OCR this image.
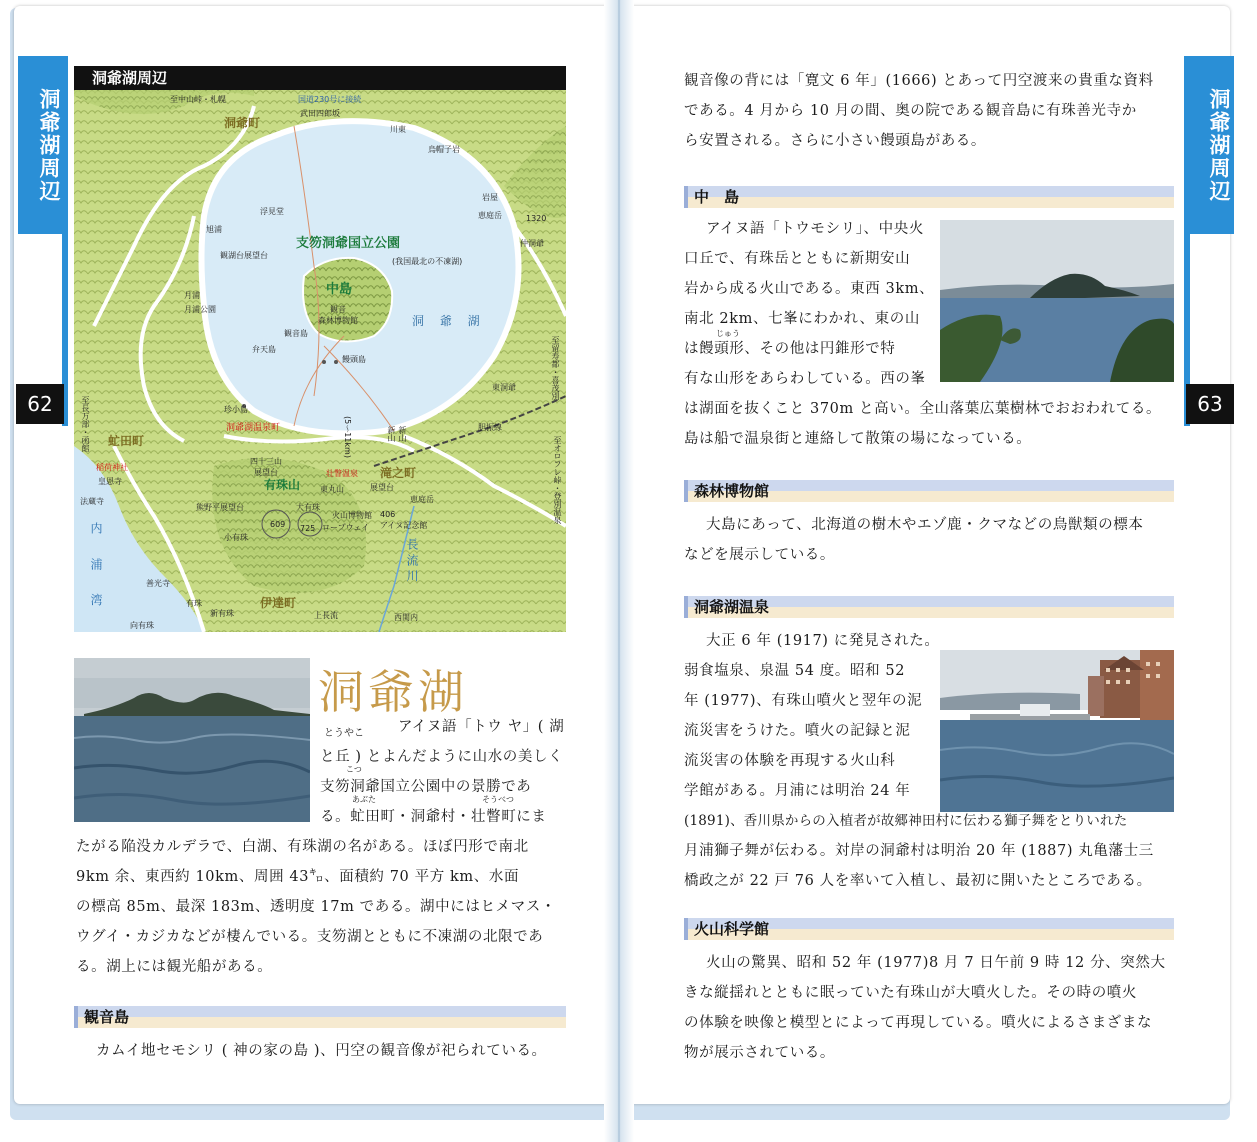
洞爺湖周辺	洞爺湖周辺
62	63
洞爺湖周辺
至中山峠・札幌	国道230号に接続
武田四郎坂
洞爺町	川東
烏帽子岩
岩屋
恵庭岳	1320
仲洞爺
浮見堂
旭浦
観湖台展望台
支笏洞爺国立公園
(我国最北の不凍湖)
中島
観音
森林博物館	洞 爺 湖
月浦
月浦公園
観音島
弁天島
饅頭島
珍小島
東洞爺
洞爺湖温泉町	(5〜11km)	新山
新山
虻田町
至長万部・函館
至留寿都・喜茂別
至オロフレ峠・登別温泉
胆振線
四十三山
展望台	壮瞥温泉 滝之町
稲荷神社
皇恩寺
法蔵寺
有珠山 東丸山	展望台
熊野平展望台	大有珠
火山博物館
恵庭岳
406
アイヌ記念館
609 725 ロープウェイ
小有珠
長 流 川
内 浦 湾	善光寺
伊達町
有珠
新有珠
向有珠
上長流	西関内
洞爺湖
とうやこ アイヌ語「トウ ヤ」( 湖
と丘 ) とよんだように山水の美しく
支笏洞爺国立公園中の景勝であ
る。虻田町・洞爺村・壮瞥町にま
たがる陥没カルデラで、白湖、有珠湖の名がある。ほぼ円形で南北
9km 余、東西約 10km、周囲 43㌔、面積約 70 平方 km、水面
の標高 85m、最深 183m、透明度 17m である。湖中にはヒメマス・
ウグイ・カジカなどが棲んでいる。支笏湖とともに不凍湖の北限であ
る。湖上には観光船がある。
こつ
あぶた	そうべつ
観音島
カムイ地セモシリ ( 神の家の島 )、円空の観音像が祀られている。
観音像の背には「寛文 6 年」(1666) とあって円空渡来の貴重な資料
である。4 月から 10 月の間、奥の院である観音島に有珠善光寺か
ら安置される。さらに小さい饅頭島がある。
中　島
アイヌ語「トウモシリ」、中央火
口丘で、有珠岳とともに新期安山
岩から成る火山である。東西 3km、
南北 2km、七峯にわかれ、東の山
は饅頭形、その他は円錐形で特
有な山形をあらわしている。西の峯
は湖面を抜くこと 370m と高い。全山落葉広葉樹林でおおわれてる。
島は船で温泉街と連絡して散策の場になっている。
じゅう
森林博物館
大島にあって、北海道の樹木やエゾ鹿・クマなどの鳥獣類の標本
などを展示している。
洞爺湖温泉
大正 6 年 (1917) に発見された。
弱食塩泉、泉温 54 度。昭和 52
年 (1977)、有珠山噴火と翌年の泥
流災害をうけた。噴火の記録と泥
流災害の体験を再現する火山科
学館がある。月浦には明治 24 年
(1891)、香川県からの入植者が故郷神田村に伝わる獅子舞をとりいれた
月浦獅子舞が伝わる。対岸の洞爺村は明治 20 年 (1887) 丸亀藩士三
橋政之が 22 戸 76 人を率いて入植し、最初に開いたところである。
火山科学館
火山の驚異、昭和 52 年 (1977)8 月 7 日午前 9 時 12 分、突然大
きな縦揺れとともに眠っていた有珠山が大噴火した。その時の噴火
の体験を映像と模型とによって再現している。噴火によるさまざまな
物が展示されている。
